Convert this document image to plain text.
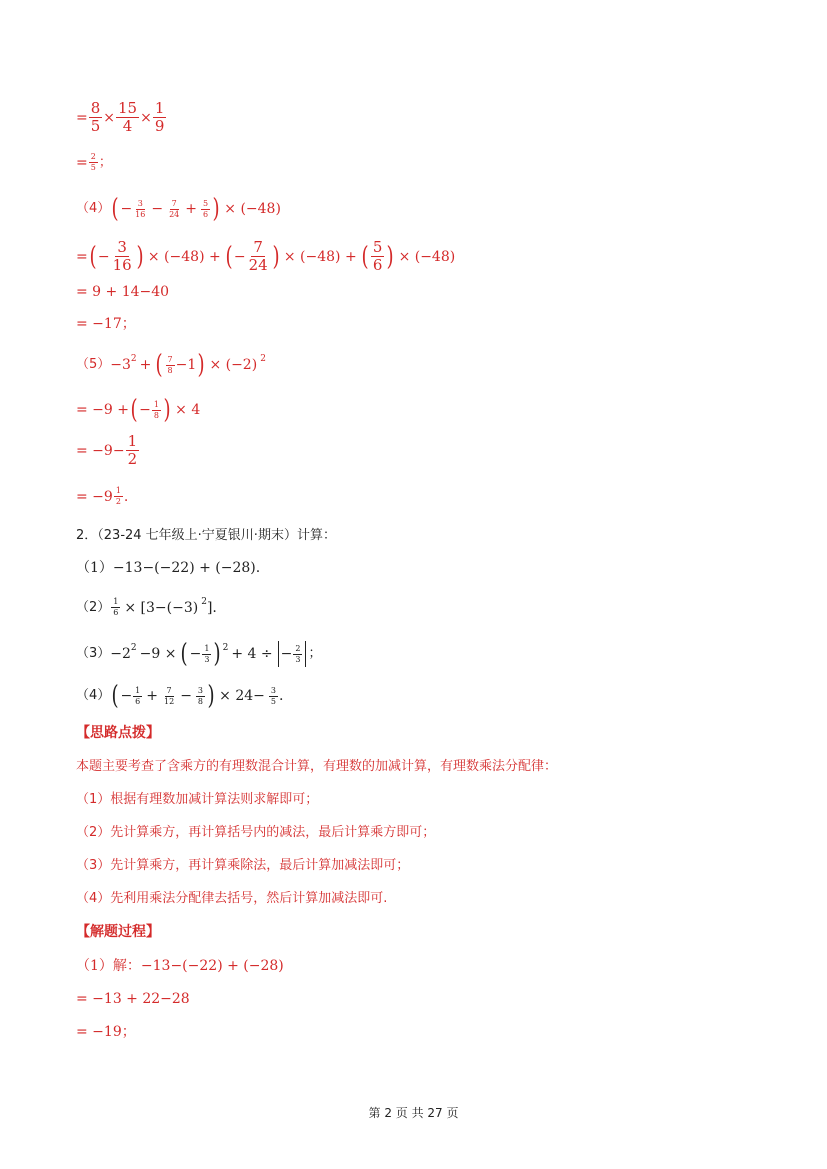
= $\frac{8}{5} \times \frac{15}{4} \times \frac{1}{9}$
= $\frac{2}{5}$ ；
（4） ( − $\frac{3}{16} - \frac{7}{24} + \frac{5}{6}$ ) × (−48)
= ( − $\frac{3}{16}$ ) × (−48) + ( − $\frac{7}{24}$ ) × (−48) + ( $\frac{5}{6}$ ) × (−48)
= 9 + 14−40
= −17；
$(5) -3^2$ + ( $\frac{7}{8} -1$ ) × (−2) $^2$
= −9 + ( − $\frac{1}{8}$ ) × 4
= $-9- \frac{1}{2}$
= $-9 \frac{1}{2}$ .
2．（23-24 七年级上·宁夏银川·期末）计算：
（1）−13−(−22) + (−28).
$(2) \frac{1}{6} \times [3-(-3)$ $^2$ ].
$(3) -2^2 -9$ × ( − $\frac{1}{3} )^2 + 4$ ÷ − $\frac{2}{3}$ ；
（4） ( − $\frac{1}{6} + \frac{7}{12} - \frac{3}{8}$ ) × $24- \frac{3}{5}$ .
【思路点拨】
本题主要考查了含乘方的有理数混合计算，有理数的加减计算，有理数乘法分配律：
（1）根据有理数加减计算法则求解即可；
（2）先计算乘方，再计算括号内的减法，最后计算乘方即可；
（3）先计算乘方，再计算乘除法，最后计算加减法即可；
（4）先利用乘法分配律去括号，然后计算加减法即可.
【解题过程】
（1）解：−13−(−22) + (−28)
= −13 + 22−28
= −19；
第 2 页 共 27 页
